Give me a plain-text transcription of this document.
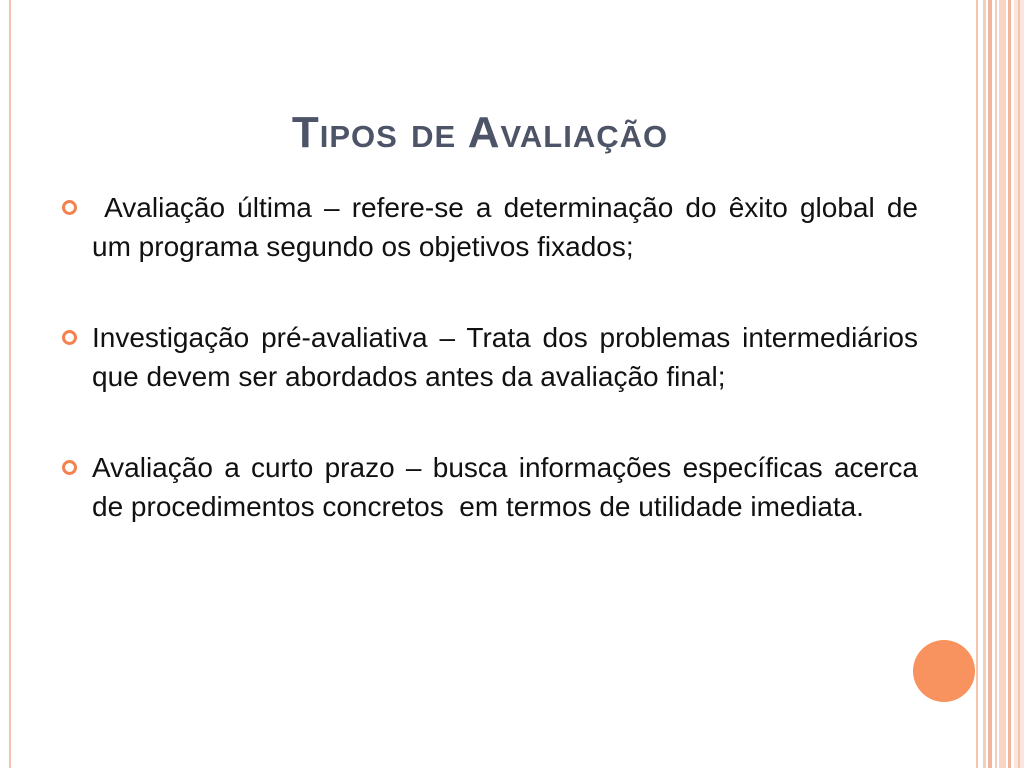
Tipos de Avaliação
Avaliação última – refere-se a determinação do êxito global de um programa segundo os objetivos fixados;
Investigação pré-avaliativa – Trata dos problemas intermediários que devem ser abordados antes da avaliação final;
Avaliação a curto prazo – busca informações específicas acerca de procedimentos concretos  em termos de utilidade imediata.
